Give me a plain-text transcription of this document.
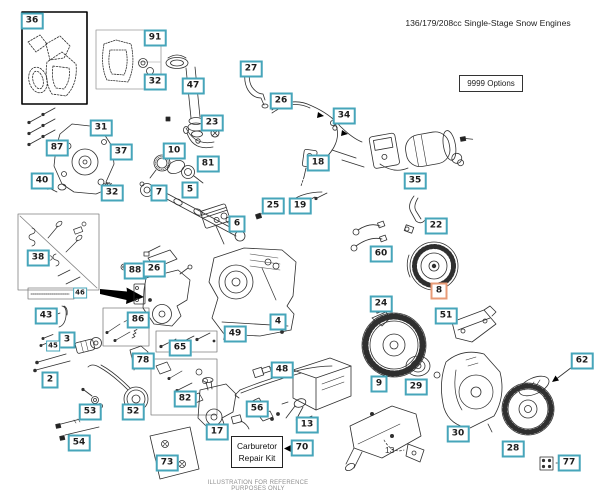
136/179/208cc Single-Stage Snow Engines
9999 Options
Carburetor
Repair Kit
13
ILLUSTRATION FOR REFERENCE PURPOSES ONLY
36
91
32	47
27
87
31
37
23
26
34
18
10
81
35
40
32	7	5
25	19
6	22
60
8
38
88 26
46
86
43
3
45
2
78
65
82
4
49
24
51
9	29
62
30
28
77
48
17
56
13
70
53	52
54
73
